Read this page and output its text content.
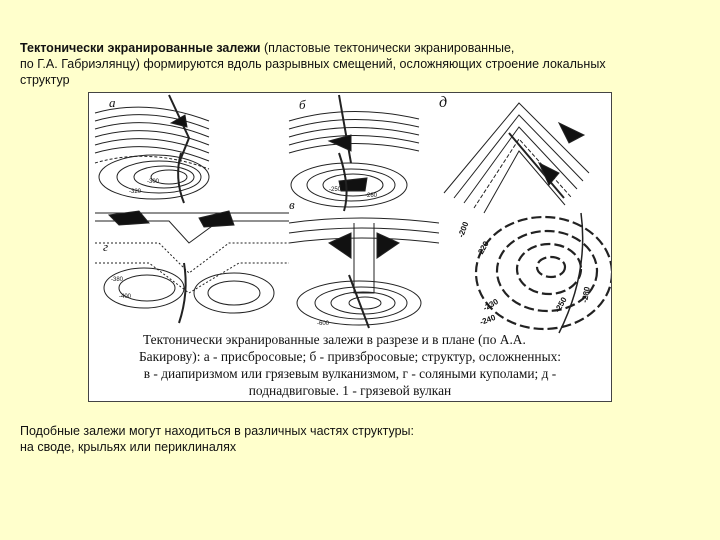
Тектонически экранированные залежи (пластовые тектонически экранированные,
по Г.А. Габриэлянцу) формируются вдоль разрывных смещений, осложняющих строение локальных
структур
а	б
в
г
д
-200
-220
-230
-240
-250
-280
-300
-320
-380
-400
-600
-250
-260
Тектонически экранированные залежи в разрезе и в плане (по А.А.
Бакирову): а - присбросовые; б - привзбросовые; структур, осложненных:
в - диапиризмом или грязевым вулканизмом, г - соляными куполами; д -
поднадвиговые. 1 - грязевой вулкан
Подобные залежи могут находиться в различных частях структуры:
на своде, крыльях или периклиналях
